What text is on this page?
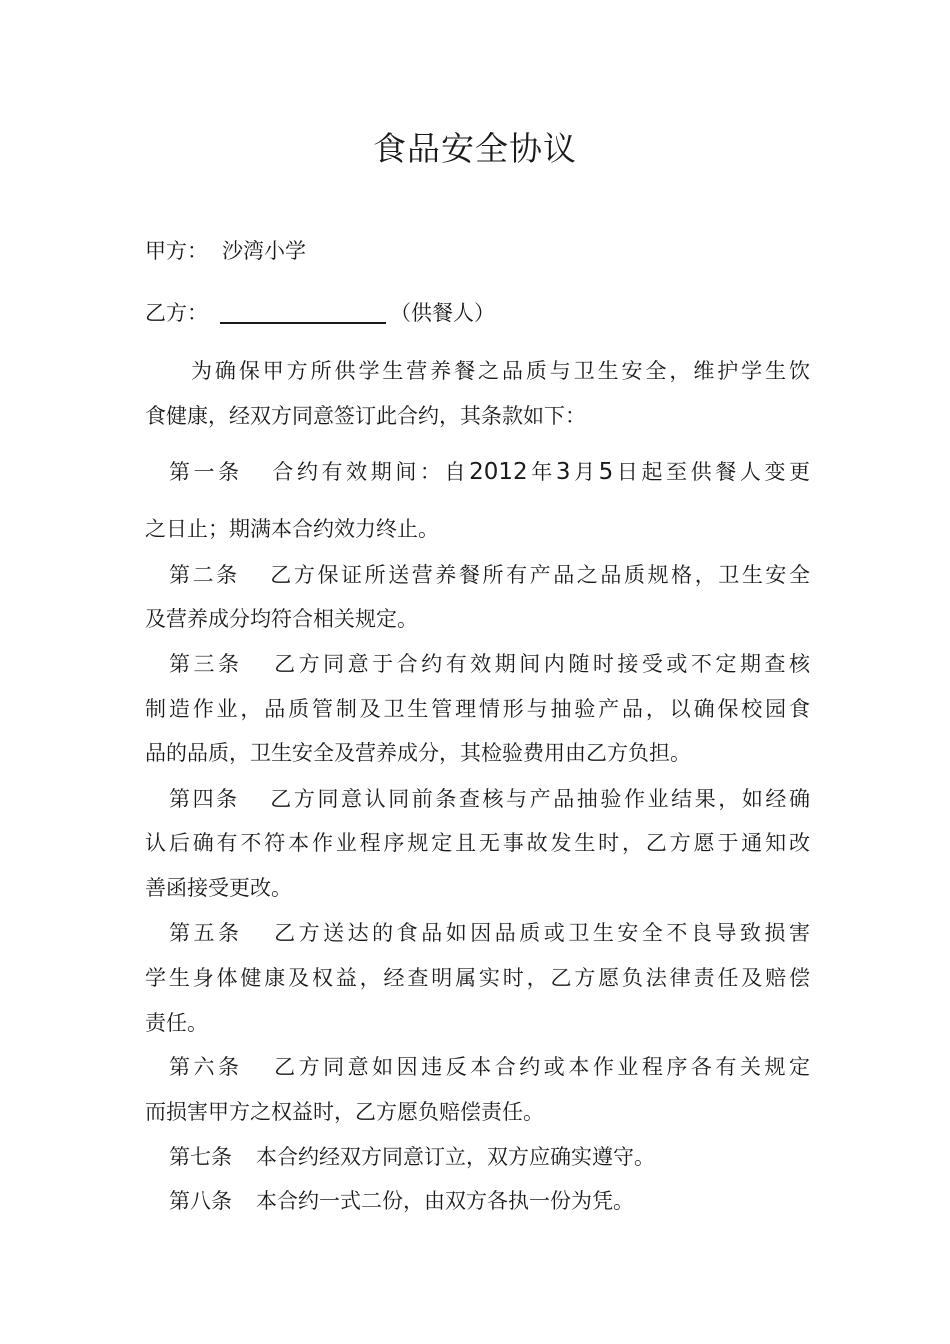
食品安全协议
甲方： 沙湾小学
乙方：	（供餐人）
为确保甲方所供学生营养餐之品质与卫生安全，维护学生饮
食健康，经双方同意签订此合约，其条款如下：
第一条 合约有效期间：自2012年3月5日起至供餐人变更
之日止；期满本合约效力终止。
第二条 乙方保证所送营养餐所有产品之品质规格，卫生安全
及营养成分均符合相关规定。
第三条 乙方同意于合约有效期间内随时接受或不定期查核
制造作业，品质管制及卫生管理情形与抽验产品，以确保校园食
品的品质，卫生安全及营养成分，其检验费用由乙方负担。
第四条 乙方同意认同前条查核与产品抽验作业结果，如经确
认后确有不符本作业程序规定且无事故发生时，乙方愿于通知改
善函接受更改。
第五条 乙方送达的食品如因品质或卫生安全不良导致损害
学生身体健康及权益，经查明属实时，乙方愿负法律责任及赔偿
责任。
第六条 乙方同意如因违反本合约或本作业程序各有关规定
而损害甲方之权益时，乙方愿负赔偿责任。
第七条 本合约经双方同意订立，双方应确实遵守。
第八条 本合约一式二份，由双方各执一份为凭。
